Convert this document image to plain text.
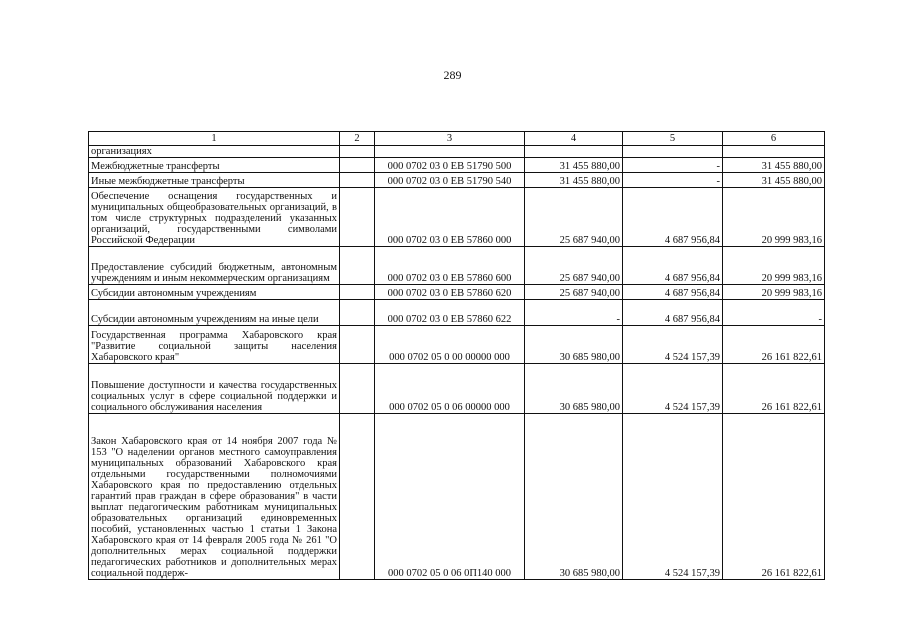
289
1	2	3	4	5	6
организациях					
Межбюджетные трансферты		000 0702 03 0 EB 51790 500	31 455 880,00	-	31 455 880,00
Иные межбюджетные трансферты		000 0702 03 0 EB 51790 540	31 455 880,00	-	31 455 880,00
Обеспечение оснащения государственных и муниципальных общеобразовательных организаций, в том числе структурных подразделений указанных организаций, государственными символами Российской Федерации		000 0702 03 0 EB 57860 000	25 687 940,00	4 687 956,84	20 999 983,16
Предоставление субсидий бюджетным, автономным учреждениям и иным некоммерческим организациям		000 0702 03 0 EB 57860 600	25 687 940,00	4 687 956,84	20 999 983,16
Субсидии автономным учреждениям		000 0702 03 0 EB 57860 620	25 687 940,00	4 687 956,84	20 999 983,16
Субсидии автономным учреждениям на иные цели		000 0702 03 0 EB 57860 622	-	4 687 956,84	-
Государственная программа Хабаровского края "Развитие социальной защиты населения Хабаровского края"		000 0702 05 0 00 00000 000	30 685 980,00	4 524 157,39	26 161 822,61
Повышение доступности и качества государственных социальных услуг в сфере социальной поддержки и социального обслуживания населения		000 0702 05 0 06 00000 000	30 685 980,00	4 524 157,39	26 161 822,61
Закон Хабаровского края от 14 ноября 2007 года № 153 "О наделении органов местного самоуправления муниципальных образований Хабаровского края отдельными государственными полномочиями Хабаровского края по предоставлению отдельных гарантий прав граждан в сфере образования" в части выплат педагогическим работникам муниципальных образовательных организаций единовременных пособий, установленных частью 1 статьи 1 Закона Хабаровского края от 14 февраля 2005 года № 261 "О дополнительных мерах социальной поддержки педагогических работников и дополнительных мерах социальной поддерж-		000 0702 05 0 06 0П140 000	30 685 980,00	4 524 157,39	26 161 822,61
